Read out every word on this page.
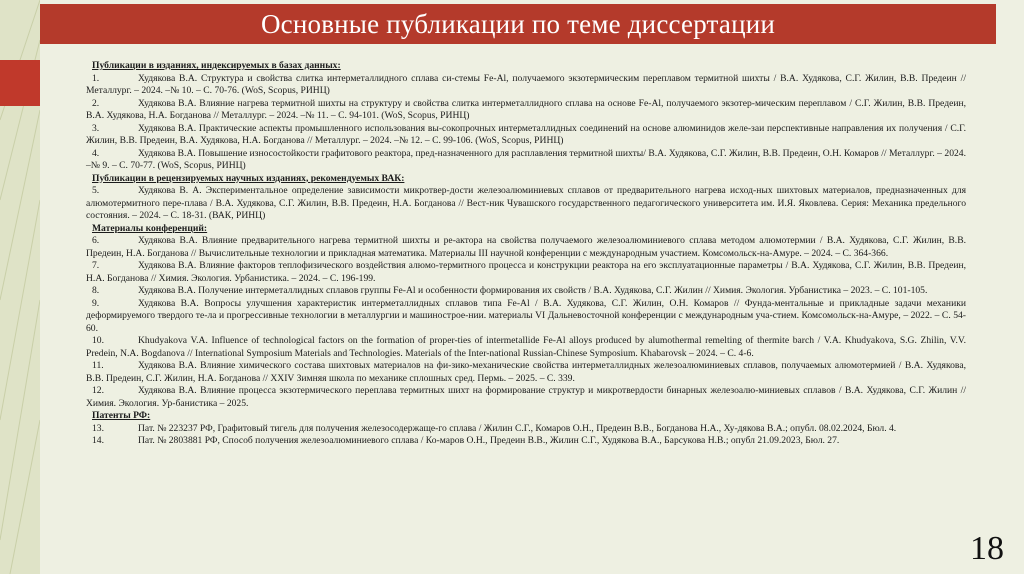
Основные публикации по теме диссертации
Публикации в изданиях, индексируемых в базах данных:
1.	Худякова В.А. Структура и свойства слитка интерметаллидного сплава си-стемы Fe-Al, получаемого экзотермическим переплавом термитной шихты / В.А. Худякова, С.Г. Жилин, В.В. Предеин // Металлург. – 2024. –№ 10. – С. 70-76. (WoS, Scopus, РИНЦ)
2.	Худякова В.А. Влияние нагрева термитной шихты на структуру и свойства слитка интерметаллидного сплава на основе Fe-Al, получаемого экзотер-мическим переплавом / С.Г. Жилин, В.В. Предеин, В.А. Худякова, Н.А. Богданова // Металлург. – 2024. –№ 11. – С. 94-101. (WoS, Scopus, РИНЦ)
3.	Худякова В.А. Практические аспекты промышленного использования вы-сокопрочных интерметаллидных соединений на основе алюминидов желе-заи перспективные направления их получения / С.Г. Жилин, В.В. Предеин, В.А. Худякова, Н.А. Богданова // Металлург. – 2024. –№ 12. – С. 99-106. (WoS, Scopus, РИНЦ)
4.	Худякова В.А. Повышение износостойкости графитового реактора, пред-назначенного для расплавления термитной шихты/ В.А. Худякова, С.Г. Жилин, В.В. Предеин, О.Н. Комаров // Металлург. – 2024. –№ 9. – С. 70-77. (WoS, Scopus, РИНЦ)
Публикации в рецензируемых научных изданиях, рекомендуемых ВАК:
5.	Худякова В. А. Экспериментальное определение зависимости микротвер-дости железоалюминиевых сплавов от предварительного нагрева исход-ных шихтовых материалов, предназначенных для алюмотермитного пере-плава / В.А. Худякова, С.Г. Жилин, В.В. Предеин, Н.А. Богданова // Вест-ник Чувашского государственного педагогического университета им. И.Я. Яковлева. Серия: Механика предельного состояния. – 2024. – С. 18-31. (ВАК, РИНЦ)
Материалы конференций:
6.	Худякова В.А. Влияние предварительного нагрева термитной шихты и ре-актора на свойства получаемого железоалюминиевого сплава методом алюмотермии / В.А. Худякова, С.Г. Жилин, В.В. Предеин, Н.А. Богданова // Вычислительные технологии и прикладная математика. Материалы III научной конференции с международным участием. Комсомольск-на-Амуре. – 2024. – С. 364-366.
7.	Худякова В.А. Влияние факторов теплофизического воздействия алюмо-термитного процесса и конструкции реактора на его эксплуатационные параметры / В.А. Худякова, С.Г. Жилин, В.В. Предеин, Н.А. Богданова // Химия. Экология. Урбанистика. – 2024. – С. 196-199.
8.	Худякова В.А. Получение интерметаллидных сплавов группы Fe-Al и особенности формирования их свойств / В.А. Худякова, С.Г. Жилин // Химия. Экология. Урбанистика – 2023. – С. 101-105.
9.	Худякова В.А. Вопросы улучшения характеристик интерметаллидных сплавов типа Fe-Al / В.А. Худякова, С.Г. Жилин, О.Н. Комаров // Фунда-ментальные и прикладные задачи механики деформируемого твердого те-ла и прогрессивные технологии в металлургии и машинострое-нии. материалы VI Дальневосточной конференции с международным уча-стием. Комсомольск-на-Амуре, – 2022. – С. 54-60.
10.	Khudyakova V.A. Influence of technological factors on the formation of proper-ties of intermetallide Fe-Al alloys produced by alumothermal remelting of thermite barch / V.A. Khudyakova, S.G. Zhilin, V.V. Predein, N.A. Bogdanova // International Symposium Materials and Technologies. Materials of the Inter-national Russian-Chinese Symposium. Khabarovsk – 2024. – С. 4-6.
11.	Худякова В.А. Влияние химического состава шихтовых материалов на фи-зико-механические свойства интерметаллидных железоалюминиевых сплавов, получаемых алюмотермией / В.А. Худякова, В.В. Предеин, С.Г. Жилин, Н.А. Богданова // XXIV Зимняя школа по механике сплошных сред. Пермь. – 2025. – С. 339.
12.	Худякова В.А. Влияние процесса экзотермического переплава термитных шихт на формирование структур и микротвердости бинарных железоалю-миниевых сплавов / В.А. Худякова, С.Г. Жилин // Химия. Экология. Ур-банистика – 2025.
Патенты РФ:
13.	Пат. № 223237 РФ, Графитовый тигель для получения железосодержаще-го сплава / Жилин С.Г., Комаров О.Н., Предеин В.В., Богданова Н.А., Ху-дякова В.А.; опубл. 08.02.2024, Бюл. 4.
14.	Пат. № 2803881 РФ, Способ получения железоалюминиевого сплава / Ко-маров О.Н., Предеин В.В., Жилин С.Г., Худякова В.А., Барсукова Н.В.; опубл 21.09.2023, Бюл. 27.
18
